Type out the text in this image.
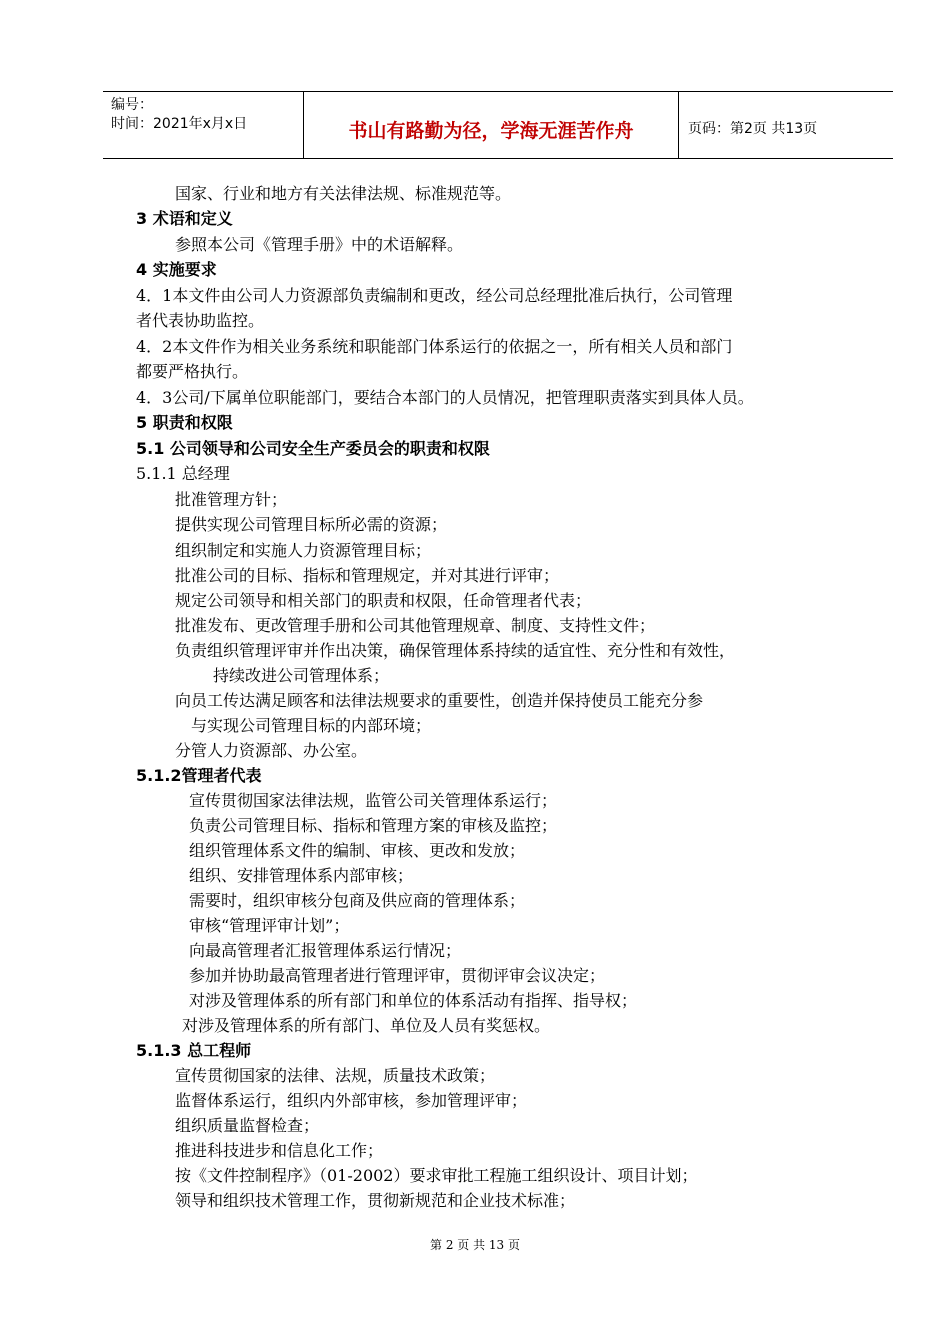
编号：
时间：2021年x月x日	书山有路勤为径，学海无涯苦作舟	页码：第2页 共13页
国家、行业和地方有关法律法规、标准规范等。
3 术语和定义
参照本公司《管理手册》中的术语解释。
4 实施要求
4．1本文件由公司人力资源部负责编制和更改，经公司总经理批准后执行，公司管理
者代表协助监控。
4．2本文件作为相关业务系统和职能部门体系运行的依据之一，所有相关人员和部门
都要严格执行。
4．3公司/下属单位职能部门，要结合本部门的人员情况，把管理职责落实到具体人员。
5 职责和权限
5.1 公司领导和公司安全生产委员会的职责和权限
5.1.1 总经理
批准管理方针；
提供实现公司管理目标所必需的资源；
组织制定和实施人力资源管理目标；
批准公司的目标、指标和管理规定，并对其进行评审；
规定公司领导和相关部门的职责和权限，任命管理者代表；
批准发布、更改管理手册和公司其他管理规章、制度、支持性文件；
负责组织管理评审并作出决策，确保管理体系持续的适宜性、充分性和有效性，
持续改进公司管理体系；
向员工传达满足顾客和法律法规要求的重要性，创造并保持使员工能充分参
与实现公司管理目标的内部环境；
分管人力资源部、办公室。
5.1.2管理者代表
宣传贯彻国家法律法规，监管公司关管理体系运行；
负责公司管理目标、指标和管理方案的审核及监控；
组织管理体系文件的编制、审核、更改和发放；
组织、安排管理体系内部审核；
需要时，组织审核分包商及供应商的管理体系；
审核“管理评审计划”；
向最高管理者汇报管理体系运行情况；
参加并协助最高管理者进行管理评审，贯彻评审会议决定；
对涉及管理体系的所有部门和单位的体系活动有指挥、指导权；
对涉及管理体系的所有部门、单位及人员有奖惩权。
5.1.3 总工程师
宣传贯彻国家的法律、法规，质量技术政策；
监督体系运行，组织内外部审核，参加管理评审；
组织质量监督检查；
推进科技进步和信息化工作；
按《文件控制程序》（01-2002）要求审批工程施工组织设计、项目计划；
领导和组织技术管理工作，贯彻新规范和企业技术标准；
第 2 页 共 13 页
